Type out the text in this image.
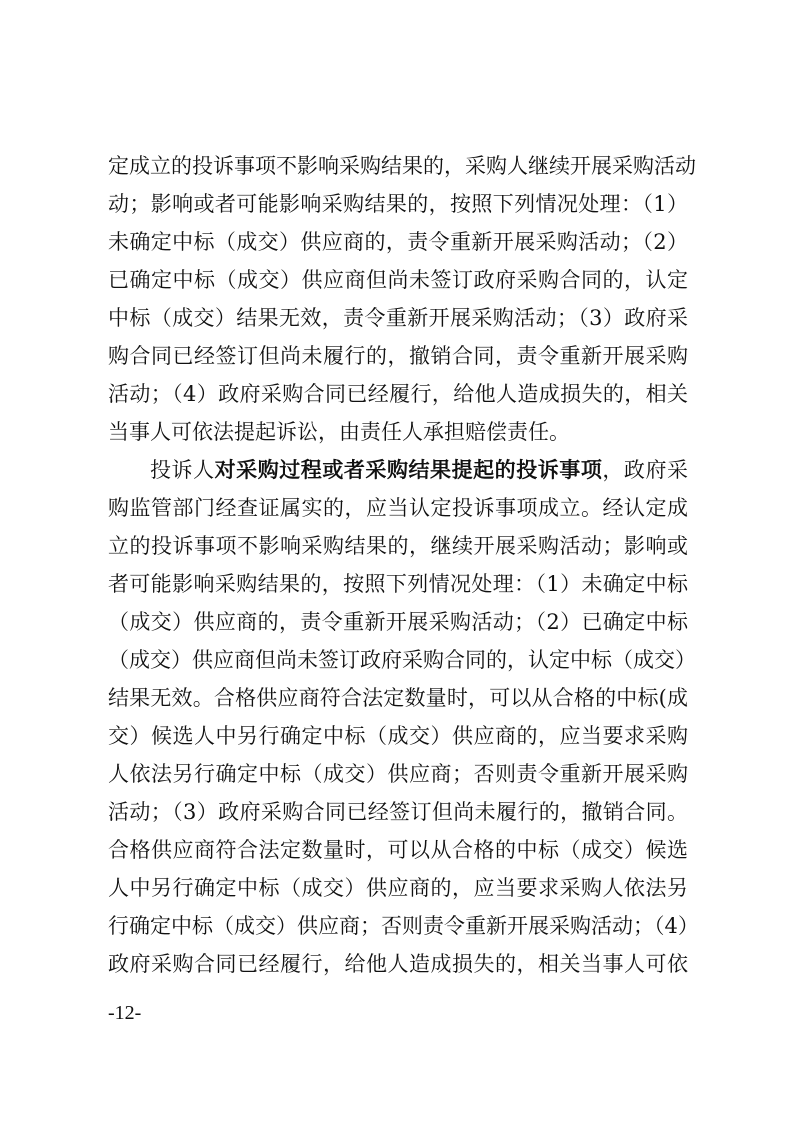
定成立的投诉事项不影响采购结果的，采购人继续开展采购活动
动；影响或者可能影响采购结果的，按照下列情况处理：（1）
未确定中标（成交）供应商的，责令重新开展采购活动；（2）
已确定中标（成交）供应商但尚未签订政府采购合同的，认定
中标（成交）结果无效，责令重新开展采购活动；（3）政府采
购合同已经签订但尚未履行的，撤销合同，责令重新开展采购
活动；（4）政府采购合同已经履行，给他人造成损失的，相关
当事人可依法提起诉讼，由责任人承担赔偿责任。
投诉人对采购过程或者采购结果提起的投诉事项，政府采
购监管部门经查证属实的，应当认定投诉事项成立。经认定成
立的投诉事项不影响采购结果的，继续开展采购活动；影响或
者可能影响采购结果的，按照下列情况处理：（1）未确定中标
（成交）供应商的，责令重新开展采购活动；（2）已确定中标
（成交）供应商但尚未签订政府采购合同的，认定中标（成交）
结果无效。合格供应商符合法定数量时，可以从合格的中标(成
交）候选人中另行确定中标（成交）供应商的，应当要求采购
人依法另行确定中标（成交）供应商；否则责令重新开展采购
活动；（3）政府采购合同已经签订但尚未履行的，撤销合同。
合格供应商符合法定数量时，可以从合格的中标（成交）候选
人中另行确定中标（成交）供应商的，应当要求采购人依法另
行确定中标（成交）供应商；否则责令重新开展采购活动；（4）
政府采购合同已经履行，给他人造成损失的，相关当事人可依
-12-
